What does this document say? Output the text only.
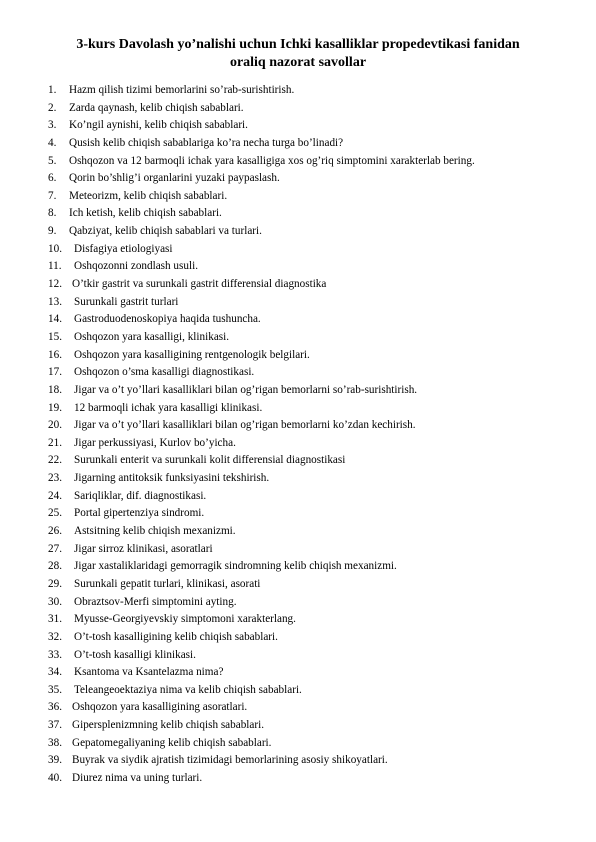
3-kurs Davolash yo’nalishi uchun Ichki kasalliklar propedevtikasi fanidan
oraliq nazorat savollar
1. Hazm qilish tizimi bemorlarini so’rab-surishtirish.
2. Zarda qaynash, kelib chiqish sabablari.
3. Ko’ngil aynishi, kelib chiqish sabablari.
4. Qusish kelib chiqish sabablariga ko’ra necha turga bo’linadi?
5. Oshqozon va 12 barmoqli ichak yara kasalligiga xos og’riq simptomini xarakterlab bering.
6. Qorin bo’shlig’i organlarini yuzaki paypaslash.
7. Meteorizm, kelib chiqish sabablari.
8. Ich ketish, kelib chiqish sabablari.
9. Qabziyat, kelib chiqish sabablari va turlari.
10. Disfagiya etiologiyasi
11. Oshqozonni zondlash usuli.
12. O’tkir gastrit va surunkali gastrit differensial diagnostika
13. Surunkali gastrit turlari
14. Gastroduodenoskopiya haqida tushuncha.
15. Oshqozon yara kasalligi, klinikasi.
16. Oshqozon yara kasalligining rentgenologik belgilari.
17. Oshqozon o’sma kasalligi diagnostikasi.
18. Jigar va o’t yo’llari kasalliklari bilan og’rigan bemorlarni so’rab-surishtirish.
19. 12 barmoqli ichak yara kasalligi klinikasi.
20. Jigar va o’t yo’llari kasalliklari bilan og’rigan bemorlarni ko’zdan kechirish.
21. Jigar perkussiyasi, Kurlov bo’yicha.
22. Surunkali enterit va surunkali kolit differensial diagnostikasi
23. Jigarning antitoksik funksiyasini tekshirish.
24. Sariqliklar, dif. diagnostikasi.
25. Portal gipertenziya sindromi.
26. Astsitning kelib chiqish mexanizmi.
27. Jigar sirroz klinikasi, asoratlari
28. Jigar xastaliklaridagi gemorragik sindromning kelib chiqish mexanizmi.
29. Surunkali gepatit turlari, klinikasi, asorati
30. Obraztsov-Merfi simptomini ayting.
31. Myusse-Georgiyevskiy simptomoni xarakterlang.
32. O’t-tosh kasalligining kelib chiqish sabablari.
33. O’t-tosh kasalligi klinikasi.
34. Ksantoma va Ksantelazma nima?
35. Teleangeoektaziya nima va kelib chiqish sabablari.
36. Oshqozon yara kasalligining asoratlari.
37. Gipersplenizmning kelib chiqish sabablari.
38. Gepatomegaliyaning kelib chiqish sabablari.
39. Buyrak va siydik ajratish tizimidagi bemorlarining asosiy shikoyatlari.
40. Diurez nima va uning turlari.
